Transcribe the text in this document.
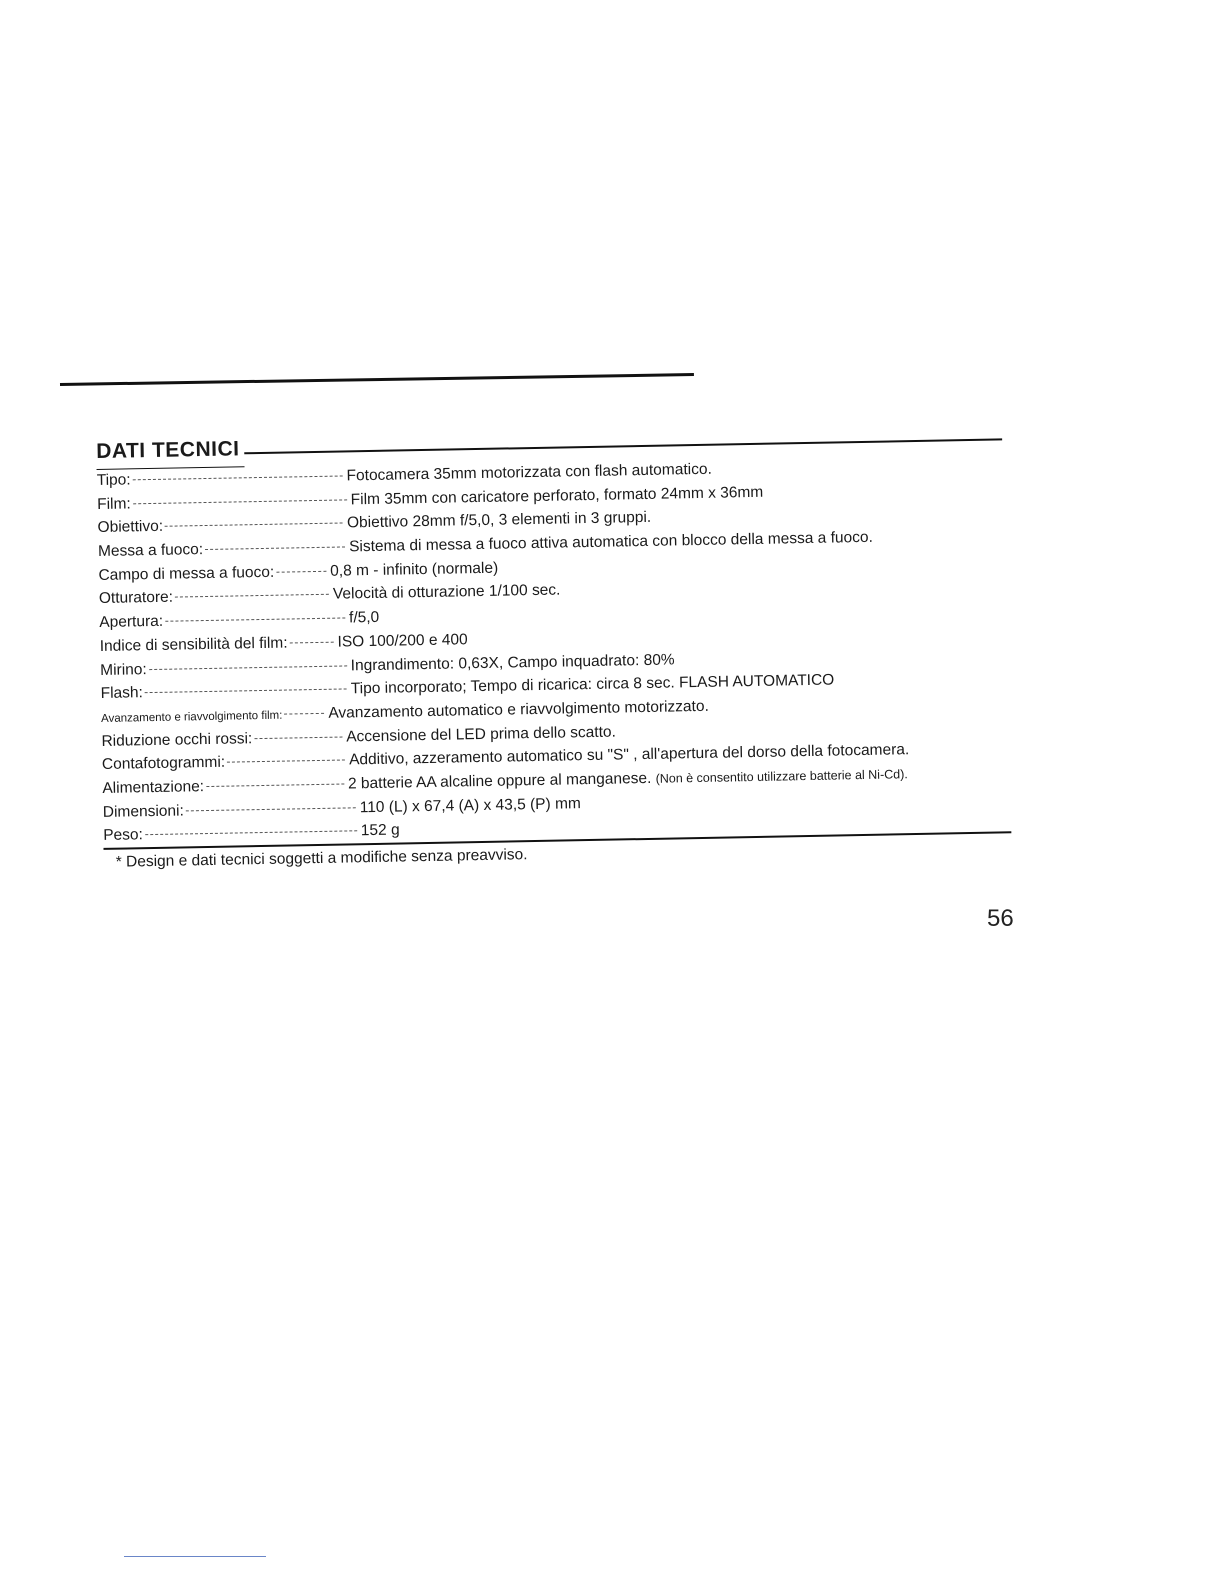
DATI TECNICI
Tipo:	Fotocamera 35mm motorizzata con flash automatico.
Film:	Film 35mm con caricatore perforato, formato 24mm x 36mm
Obiettivo:	Obiettivo 28mm f/5,0, 3 elementi in 3 gruppi.
Messa a fuoco:	Sistema di messa a fuoco attiva automatica con blocco della messa a fuoco.
Campo di messa a fuoco:	0,8 m - infinito (normale)
Otturatore:	Velocità di otturazione 1/100 sec.
Apertura:	f/5,0
Indice di sensibilità del film:	ISO 100/200 e 400
Mirino:	Ingrandimento: 0,63X, Campo inquadrato: 80%
Flash:	Tipo incorporato; Tempo di ricarica: circa 8 sec. FLASH AUTOMATICO
Avanzamento e riavvolgimento film:	Avanzamento automatico e riavvolgimento motorizzato.
Riduzione occhi rossi:	Accensione del LED prima dello scatto.
Contafotogrammi:	Additivo, azzeramento automatico su "S" , all'apertura del dorso della fotocamera.
Alimentazione:	2 batterie AA alcaline oppure al manganese. (Non è consentito utilizzare batterie al Ni-Cd).
Dimensioni:	110 (L) x 67,4 (A) x 43,5 (P) mm
Peso:	152 g
* Design e dati tecnici soggetti a modifiche senza preavviso.
56
